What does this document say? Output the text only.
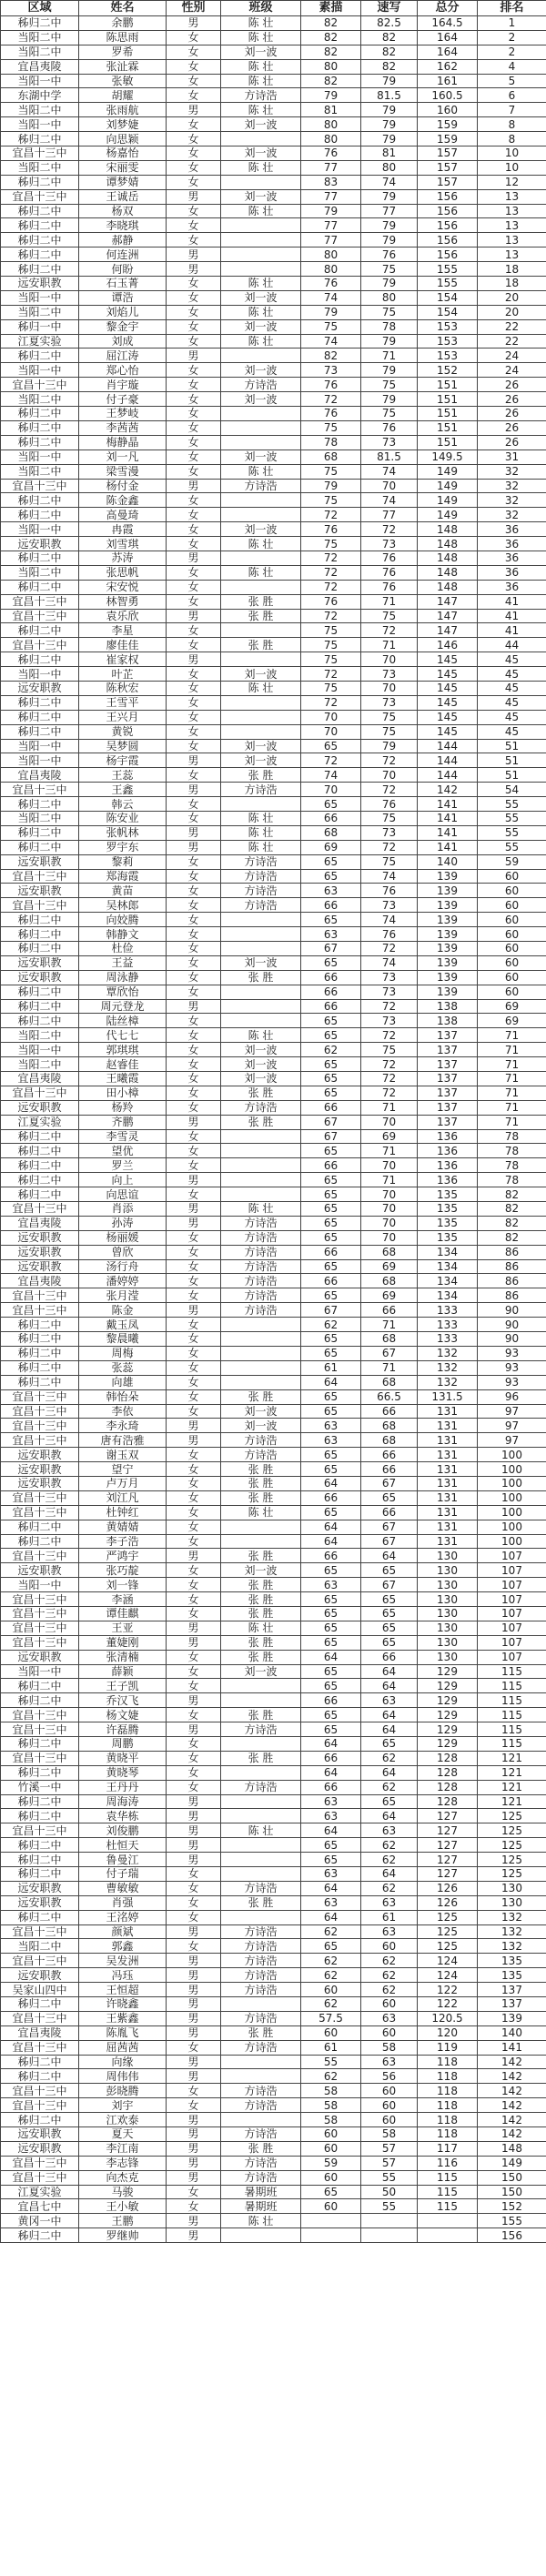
区域	姓名	性别	班级	素描	速写	总分	排名
秭归二中	余鹏	男	陈 壮	82	82.5	164.5	1
当阳二中	陈思雨	女	陈 壮	82	82	164	2
当阳二中	罗希	女	刘一波	82	82	164	2
宜昌夷陵	张沚霖	女	陈 壮	80	82	162	4
当阳一中	张敏	女	陈 壮	82	79	161	5
东湖中学	胡耀	女	方诗浩	79	81.5	160.5	6
当阳二中	张雨航	男	陈 壮	81	79	160	7
当阳一中	刘梦婕	女	刘一波	80	79	159	8
秭归二中	向思颖	女		80	79	159	8
宜昌十三中	杨嘉怡	女	刘一波	76	81	157	10
当阳二中	宋丽雯	女	陈 壮	77	80	157	10
秭归二中	谭梦婧	女		83	74	157	12
宜昌十三中	王诚岳	男	刘一波	77	79	156	13
秭归二中	杨双	女	陈 壮	79	77	156	13
秭归二中	李晓琪	女		77	79	156	13
秭归二中	郝静	女		77	79	156	13
秭归二中	何连洲	男		80	76	156	13
秭归二中	何盼	男		80	75	155	18
远安职教	石玉菁	女	陈 壮	76	79	155	18
当阳一中	谭浩	女	刘一波	74	80	154	20
当阳二中	刘焰儿	女	陈 壮	79	75	154	20
秭归一中	黎金宇	女	刘一波	75	78	153	22
江夏实验	刘成	女	陈 壮	74	79	153	22
秭归二中	屈江涛	男		82	71	153	24
当阳一中	郑心怡	女	刘一波	73	79	152	24
宜昌十三中	肖宇璇	女	方诗浩	76	75	151	26
当阳二中	付子豪	女	刘一波	72	79	151	26
秭归二中	王梦岐	女		76	75	151	26
秭归二中	李茜茜	女		75	76	151	26
秭归二中	梅静晶	女		78	73	151	26
当阳一中	刘一凡	女	刘一波	68	81.5	149.5	31
当阳二中	梁雪漫	女	陈 壮	75	74	149	32
宜昌十三中	杨付金	男	方诗浩	79	70	149	32
秭归二中	陈金鑫	女		75	74	149	32
秭归二中	高曼琦	女		72	77	149	32
当阳一中	冉霞	女	刘一波	76	72	148	36
远安职教	刘雪琪	女	陈 壮	75	73	148	36
秭归二中	苏涛	男		72	76	148	36
当阳二中	张思帆	女	陈 壮	72	76	148	36
秭归二中	宋安悦	女		72	76	148	36
宜昌十三中	林智勇	女	张 胜	76	71	147	41
宜昌十三中	袁乐欣	男	张 胜	72	75	147	41
秭归二中	李星	女		75	72	147	41
宜昌十三中	廖佳佳	女	张 胜	75	71	146	44
秭归二中	崔家权	男		75	70	145	45
当阳一中	叶芷	女	刘一波	72	73	145	45
远安职教	陈秋宏	女	陈 壮	75	70	145	45
秭归二中	王雪平	女		72	73	145	45
秭归二中	王兴月	女		70	75	145	45
秭归二中	黄锐	女		70	75	145	45
当阳一中	吴梦圆	女	刘一波	65	79	144	51
当阳一中	杨宇霞	男	刘一波	72	72	144	51
宜昌夷陵	王蕊	女	张 胜	74	70	144	51
宜昌十三中	王鑫	男	方诗浩	70	72	142	54
秭归二中	韩云	女		65	76	141	55
当阳二中	陈安业	女	陈 壮	66	75	141	55
秭归二中	张帆林	男	陈 壮	68	73	141	55
秭归二中	罗宇东	男	陈 壮	69	72	141	55
远安职教	黎莉	女	方诗浩	65	75	140	59
宜昌十三中	郑海霞	女	方诗浩	65	74	139	60
远安职教	黄苗	女	方诗浩	63	76	139	60
宜昌十三中	吴林郎	女	方诗浩	66	73	139	60
秭归二中	向姣腾	女		65	74	139	60
秭归二中	韩静文	女		63	76	139	60
秭归二中	杜俭	女		67	72	139	60
远安职教	王益	女	刘一波	65	74	139	60
远安职教	周泳静	女	张 胜	66	73	139	60
秭归二中	覃欣怡	女		66	73	139	60
秭归二中	周元登龙	男		66	72	138	69
秭归二中	陆丝樟	女		65	73	138	69
当阳二中	代七七	女	陈 壮	65	72	137	71
当阳一中	郭琪琪	女	刘一波	62	75	137	71
当阳二中	赵睿佳	女	刘一波	65	72	137	71
宜昌夷陵	王曦霞	女	刘一波	65	72	137	71
宜昌十三中	田小樟	女	张 胜	65	72	137	71
远安职教	杨羚	女	方诗浩	66	71	137	71
江夏实验	齐鹏	男	张 胜	67	70	137	71
秭归二中	李雪灵	女		67	69	136	78
秭归二中	望优	女		65	71	136	78
秭归二中	罗兰	女		66	70	136	78
秭归二中	向上	男		65	71	136	78
秭归二中	向思谊	女		65	70	135	82
宜昌十三中	肖添	男	陈 壮	65	70	135	82
宜昌夷陵	孙涛	男	方诗浩	65	70	135	82
远安职教	杨丽媛	女	方诗浩	65	70	135	82
远安职教	曾欣	女	方诗浩	66	68	134	86
远安职教	汤行舟	女	方诗浩	65	69	134	86
宜昌夷陵	潘婷婷	女	方诗浩	66	68	134	86
宜昌十三中	张月滢	女	方诗浩	65	69	134	86
宜昌十三中	陈金	男	方诗浩	67	66	133	90
秭归二中	戴玉凤	女		62	71	133	90
秭归二中	黎晨曦	女		65	68	133	90
秭归二中	周梅	女		65	67	132	93
秭归二中	张蕊	女		61	71	132	93
秭归二中	向雄	女		64	68	132	93
宜昌十三中	韩怡朵	女	张 胜	65	66.5	131.5	96
宜昌十三中	李依	女	刘一波	65	66	131	97
宜昌十三中	李永琦	男	刘一波	63	68	131	97
宜昌十三中	唐有浩雅	男	方诗浩	63	68	131	97
远安职教	谢玉双	女	方诗浩	65	66	131	100
远安职教	望宁	女	张 胜	65	66	131	100
远安职教	卢万月	女	张 胜	64	67	131	100
宜昌十三中	刘江凡	女	张 胜	66	65	131	100
宜昌十三中	杜钟红	女	陈 壮	65	66	131	100
秭归二中	黄婧婧	女		64	67	131	100
秭归二中	李子浩	女		64	67	131	100
宜昌十三中	严鸿宇	男	张 胜	66	64	130	107
远安职教	张巧靛	女	刘一波	65	65	130	107
当阳一中	刘一锋	女	张 胜	63	67	130	107
宜昌十三中	李涵	女	张 胜	65	65	130	107
宜昌十三中	谭佳麒	女	张 胜	65	65	130	107
宜昌十三中	王亚	男	陈 壮	65	65	130	107
宜昌十三中	董婕刚	男	张 胜	65	65	130	107
远安职教	张清楠	女	张 胜	64	66	130	107
当阳一中	薛颖	女	刘一波	65	64	129	115
秭归二中	王子凯	女		65	64	129	115
秭归二中	乔汉飞	男		66	63	129	115
宜昌十三中	杨文婕	女	张 胜	65	64	129	115
宜昌十三中	许磊腾	男	方诗浩	65	64	129	115
秭归二中	周鹏	女		64	65	129	115
宜昌十三中	黄晓平	女	张 胜	66	62	128	121
秭归二中	黄晓琴	女		64	64	128	121
竹溪一中	王丹丹	女	方诗浩	66	62	128	121
秭归二中	周海涛	男		63	65	128	121
秭归二中	袁华栋	男		63	64	127	125
宜昌十三中	刘俊鹏	男	陈 壮	64	63	127	125
秭归二中	杜恒天	男		65	62	127	125
秭归二中	鲁曼江	男		65	62	127	125
秭归二中	付子瑞	女		63	64	127	125
远安职教	曹敏敏	女	方诗浩	64	62	126	130
远安职教	肖强	女	张 胜	63	63	126	130
秭归二中	王洺婷	女		64	61	125	132
宜昌十三中	颜斌	男	方诗浩	62	63	125	132
当阳二中	郭鑫	女	方诗浩	65	60	125	132
宜昌十三中	吴发洲	男	方诗浩	62	62	124	135
远安职教	冯珏	男	方诗浩	62	62	124	135
吴家山四中	王恒超	男	方诗浩	60	62	122	137
秭归二中	许晓鑫	男		62	60	122	137
宜昌十三中	王紫鑫	男	方诗浩	57.5	63	120.5	139
宜昌夷陵	陈胤飞	男	张 胜	60	60	120	140
宜昌十三中	屈茜茜	女	方诗浩	61	58	119	141
秭归二中	向缘	男		55	63	118	142
秭归二中	周伟伟	男		62	56	118	142
宜昌十三中	彭晓腾	女	方诗浩	58	60	118	142
宜昌十三中	刘宇	女	方诗浩	58	60	118	142
秭归二中	江欢泰	男		58	60	118	142
远安职教	夏天	男	方诗浩	60	58	118	142
远安职教	李江南	男	张 胜	60	57	117	148
宜昌十三中	李志锋	男	方诗浩	59	57	116	149
宜昌十三中	向杰克	男	方诗浩	60	55	115	150
江夏实验	马骏	女	暑期班	65	50	115	150
宜昌七中	王小敏	女	暑期班	60	55	115	152
黄冈一中	王鹏	男	陈 壮				155
秭归二中	罗继帅	男					156
